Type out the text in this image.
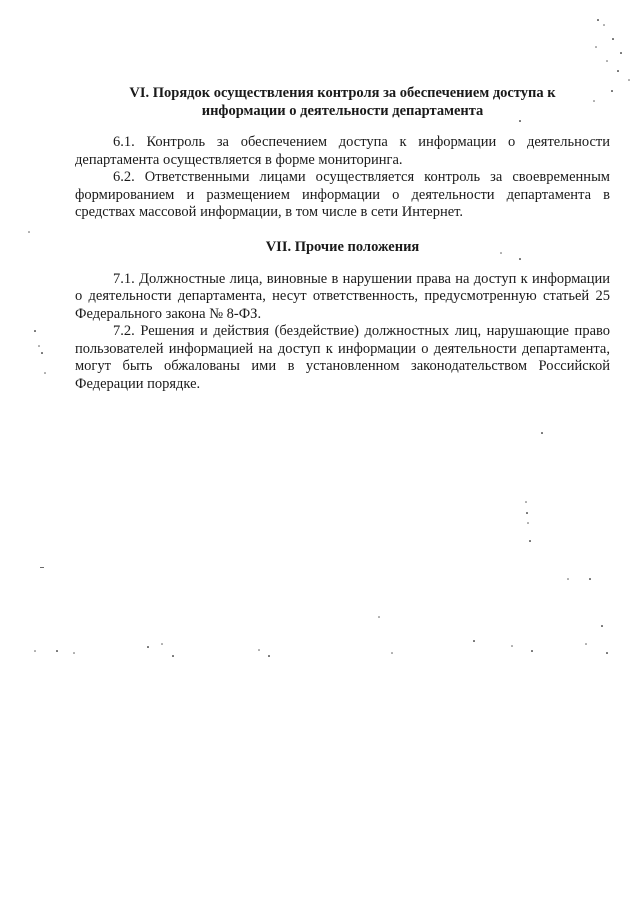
VI. Порядок осуществления контроля за обеспечением доступа к
информации о деятельности департамента

6.1. Контроль за обеспечением доступа к информации о деятельности департамента осуществляется в форме мониторинга.

6.2. Ответственными лицами осуществляется контроль за своевременным формированием и размещением информации о деятельности департамента в средствах массовой информации, в том числе в сети Интернет.

VII. Прочие положения

7.1. Должностные лица, виновные в нарушении права на доступ к информации о деятельности департамента, несут ответственность, предусмотренную статьей 25 Федерального закона № 8-ФЗ.

7.2. Решения и действия (бездействие) должностных лиц, нарушающие право пользователей информацией на доступ к информации о деятельности департамента, могут быть обжалованы ими в установленном законодательством Российской Федерации порядке.
